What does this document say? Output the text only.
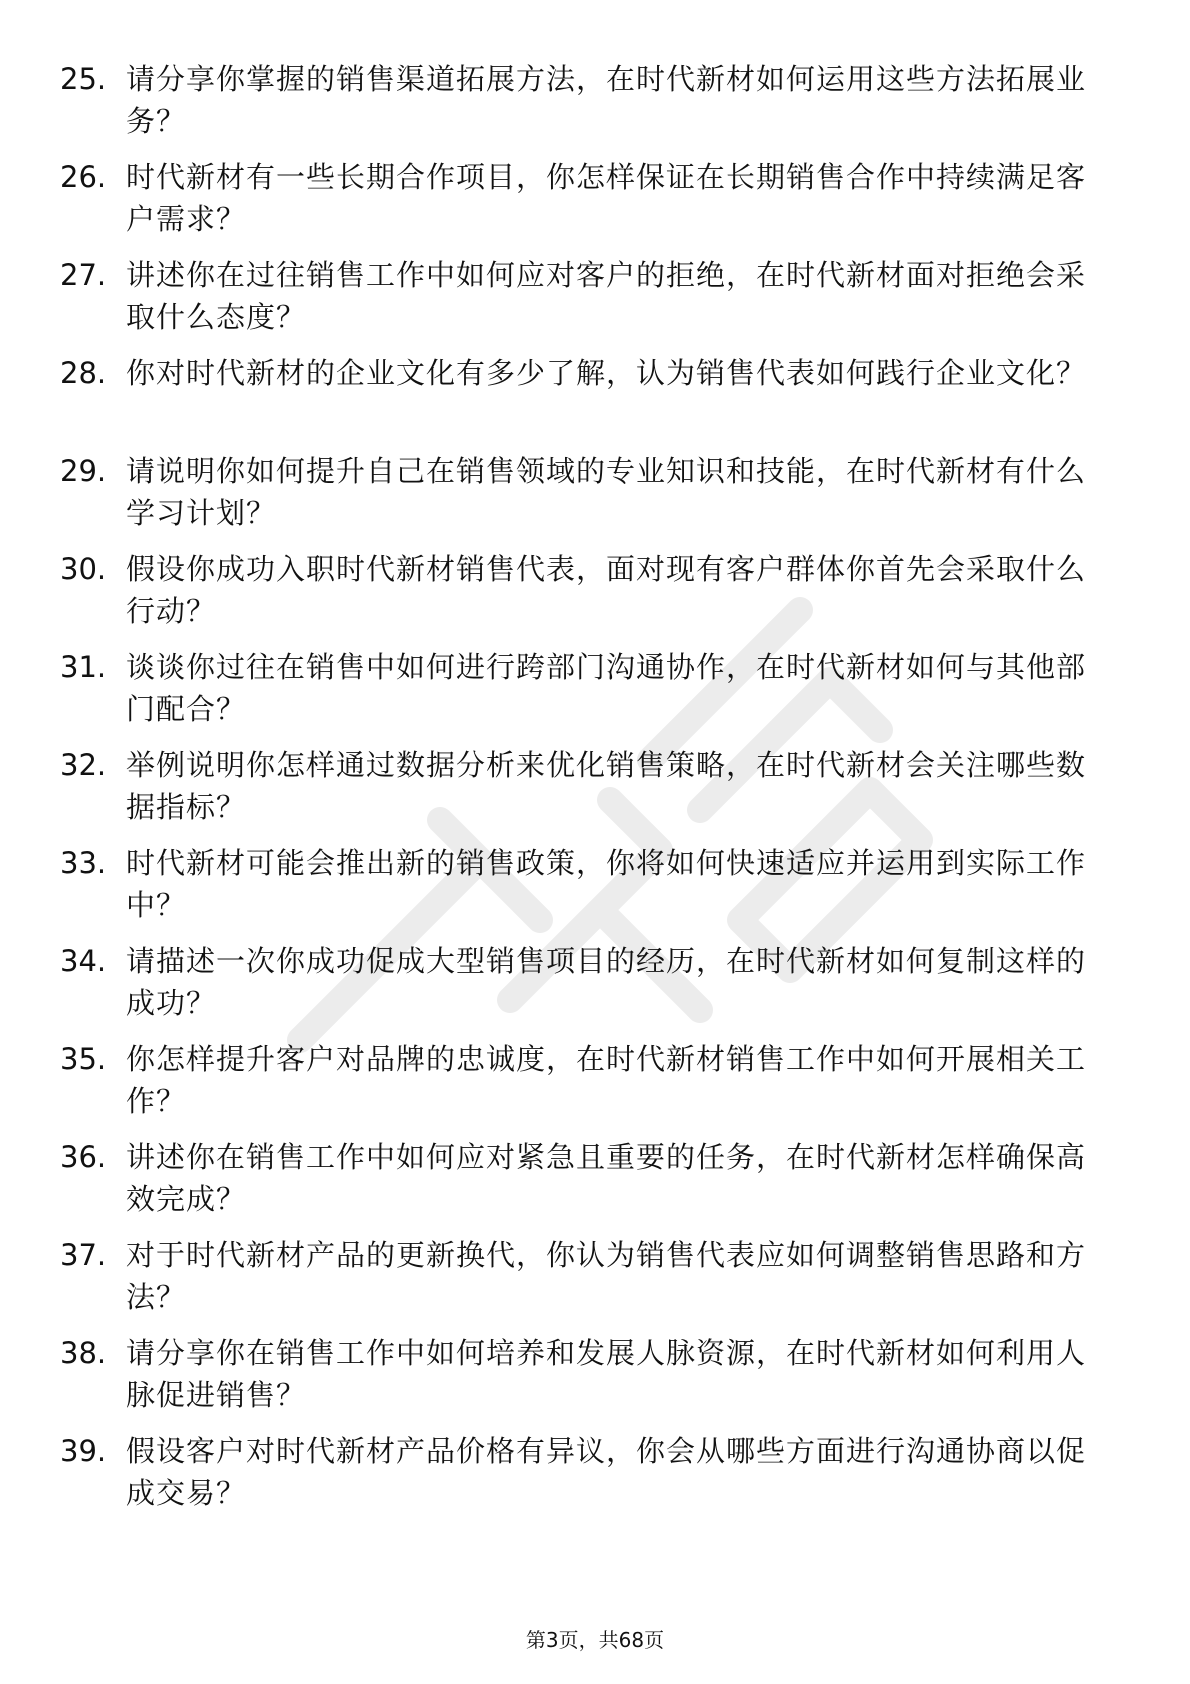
25. 请分享你掌握的销售渠道拓展方法，在时代新材如何运用这些方法拓展业务？
26. 时代新材有一些长期合作项目，你怎样保证在长期销售合作中持续满足客户需求？
27. 讲述你在过往销售工作中如何应对客户的拒绝，在时代新材面对拒绝会采取什么态度？
28. 你对时代新材的企业文化有多少了解，认为销售代表如何践行企业文化？
29. 请说明你如何提升自己在销售领域的专业知识和技能，在时代新材有什么学习计划？
30. 假设你成功入职时代新材销售代表，面对现有客户群体你首先会采取什么行动？
31. 谈谈你过往在销售中如何进行跨部门沟通协作，在时代新材如何与其他部门配合？
32. 举例说明你怎样通过数据分析来优化销售策略，在时代新材会关注哪些数据指标？
33. 时代新材可能会推出新的销售政策，你将如何快速适应并运用到实际工作中？
34. 请描述一次你成功促成大型销售项目的经历，在时代新材如何复制这样的成功？
35. 你怎样提升客户对品牌的忠诚度，在时代新材销售工作中如何开展相关工作？
36. 讲述你在销售工作中如何应对紧急且重要的任务，在时代新材怎样确保高效完成？
37. 对于时代新材产品的更新换代，你认为销售代表应如何调整销售思路和方法？
38. 请分享你在销售工作中如何培养和发展人脉资源，在时代新材如何利用人脉促进销售？
39. 假设客户对时代新材产品价格有异议，你会从哪些方面进行沟通协商以促成交易？
第3页，共68页
